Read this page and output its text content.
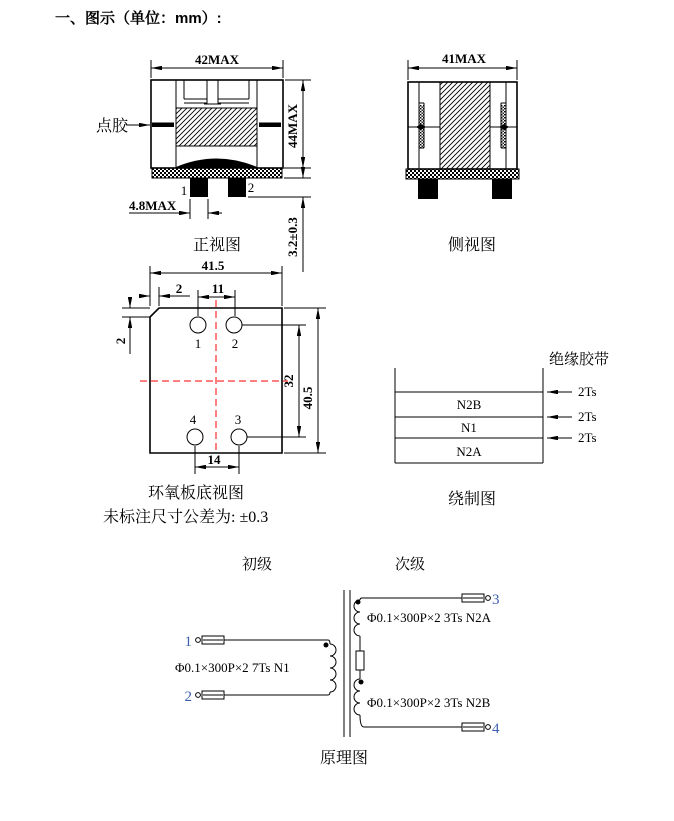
一、图示（单位：mm）:
1	2
42MAX
44MAX
3.2±0.3
4.8MAX
点胶
正视图
41MAX
侧视图
1 2
4	3
41.5
11
2
2
32
40.5
14
环氧板底视图
未标注尺寸公差为: ±0.3
N2B
N1
N2A
2Ts
2Ts
2Ts
绝缘胶带
绕制图
初级	次级
1
2
Φ0.1×300P×2 7Ts N1
3
Φ0.1×300P×2 3Ts N2A
4
Φ0.1×300P×2 3Ts N2B
原理图
